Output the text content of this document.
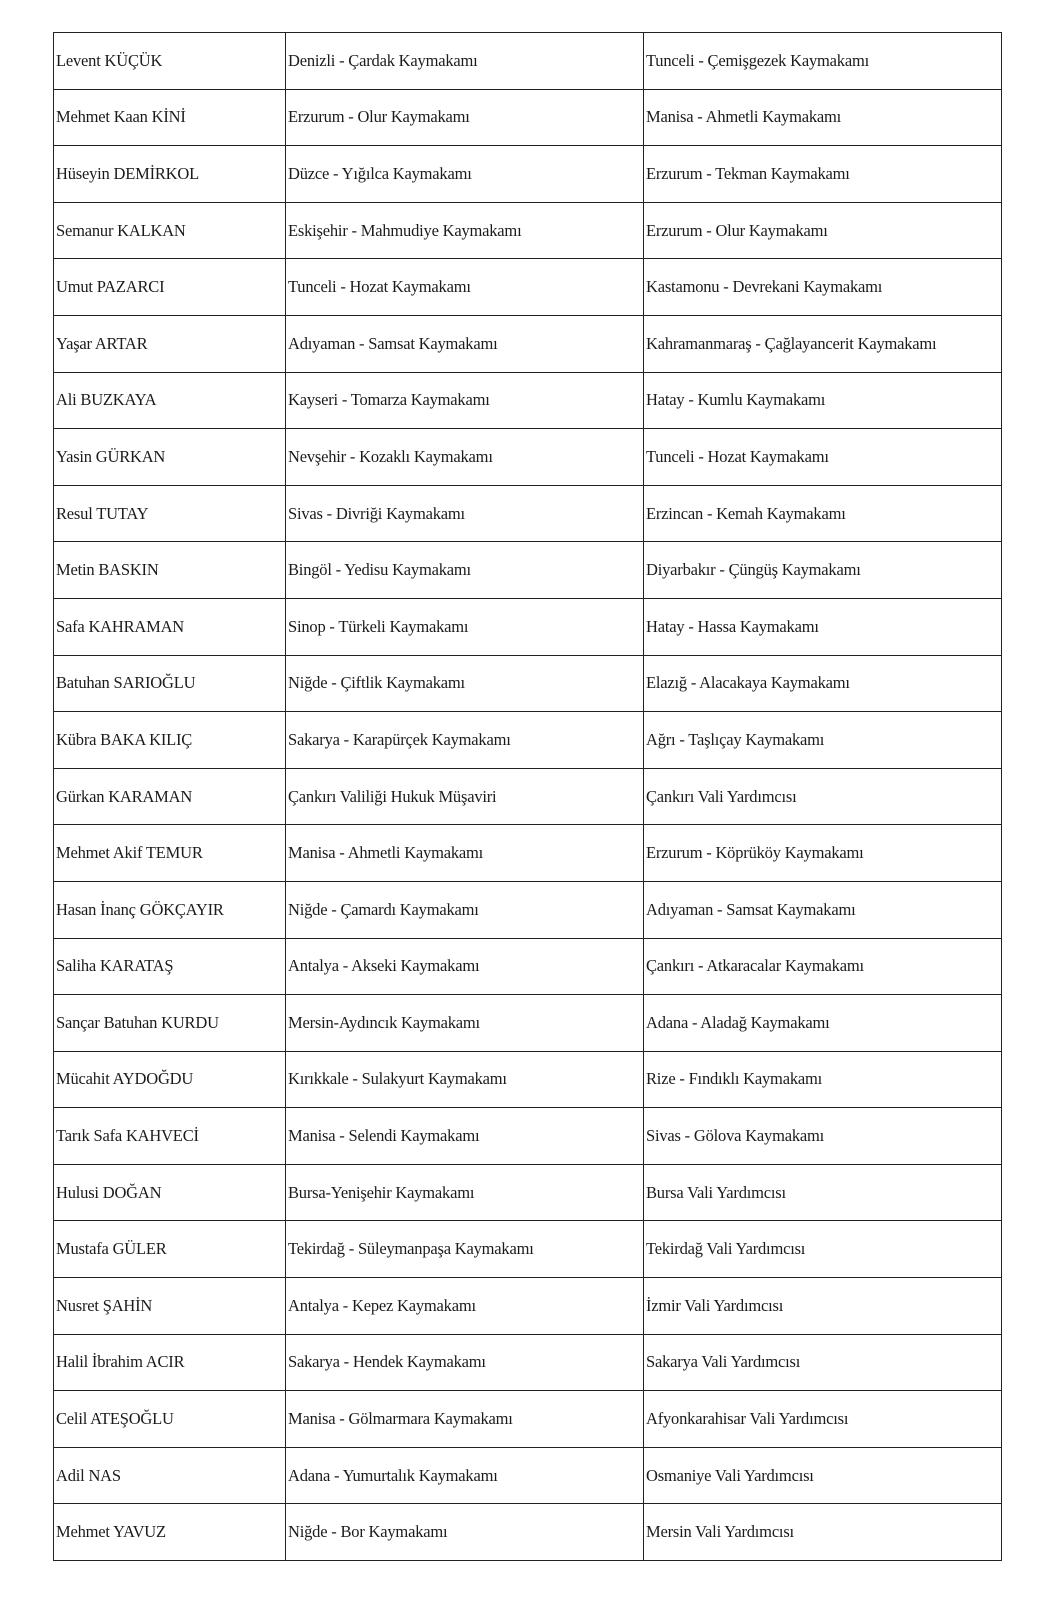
Levent KÜÇÜK	Denizli - Çardak Kaymakamı	Tunceli - Çemişgezek Kaymakamı
Mehmet Kaan KİNİ	Erzurum - Olur Kaymakamı	Manisa - Ahmetli Kaymakamı
Hüseyin DEMİRKOL	Düzce - Yığılca Kaymakamı	Erzurum - Tekman Kaymakamı
Semanur KALKAN	Eskişehir - Mahmudiye Kaymakamı	Erzurum - Olur Kaymakamı
Umut PAZARCI	Tunceli - Hozat Kaymakamı	Kastamonu - Devrekani Kaymakamı
Yaşar ARTAR	Adıyaman - Samsat Kaymakamı	Kahramanmaraş - Çağlayancerit Kaymakamı
Ali BUZKAYA	Kayseri - Tomarza Kaymakamı	Hatay - Kumlu Kaymakamı
Yasin GÜRKAN	Nevşehir - Kozaklı Kaymakamı	Tunceli - Hozat Kaymakamı
Resul TUTAY	Sivas - Divriği Kaymakamı	Erzincan - Kemah Kaymakamı
Metin BASKIN	Bingöl - Yedisu Kaymakamı	Diyarbakır - Çüngüş Kaymakamı
Safa KAHRAMAN	Sinop - Türkeli Kaymakamı	Hatay - Hassa Kaymakamı
Batuhan SARIOĞLU	Niğde - Çiftlik Kaymakamı	Elazığ - Alacakaya Kaymakamı
Kübra BAKA KILIÇ	Sakarya - Karapürçek Kaymakamı	Ağrı - Taşlıçay Kaymakamı
Gürkan KARAMAN	Çankırı Valiliği Hukuk Müşaviri	Çankırı Vali Yardımcısı
Mehmet Akif TEMUR	Manisa - Ahmetli Kaymakamı	Erzurum - Köprüköy Kaymakamı
Hasan İnanç GÖKÇAYIR	Niğde - Çamardı Kaymakamı	Adıyaman - Samsat Kaymakamı
Saliha KARATAŞ	Antalya - Akseki Kaymakamı	Çankırı - Atkaracalar Kaymakamı
Sançar Batuhan KURDU	Mersin-Aydıncık Kaymakamı	Adana - Aladağ Kaymakamı
Mücahit AYDOĞDU	Kırıkkale - Sulakyurt Kaymakamı	Rize - Fındıklı Kaymakamı
Tarık Safa KAHVECİ	Manisa - Selendi Kaymakamı	Sivas - Gölova Kaymakamı
Hulusi DOĞAN	Bursa-Yenişehir Kaymakamı	Bursa Vali Yardımcısı
Mustafa GÜLER	Tekirdağ - Süleymanpaşa Kaymakamı	Tekirdağ Vali Yardımcısı
Nusret ŞAHİN	Antalya - Kepez Kaymakamı	İzmir Vali Yardımcısı
Halil İbrahim ACIR	Sakarya - Hendek Kaymakamı	Sakarya Vali Yardımcısı
Celil ATEŞOĞLU	Manisa - Gölmarmara Kaymakamı	Afyonkarahisar Vali Yardımcısı
Adil NAS	Adana - Yumurtalık Kaymakamı	Osmaniye Vali Yardımcısı
Mehmet YAVUZ	Niğde - Bor Kaymakamı	Mersin Vali Yardımcısı
